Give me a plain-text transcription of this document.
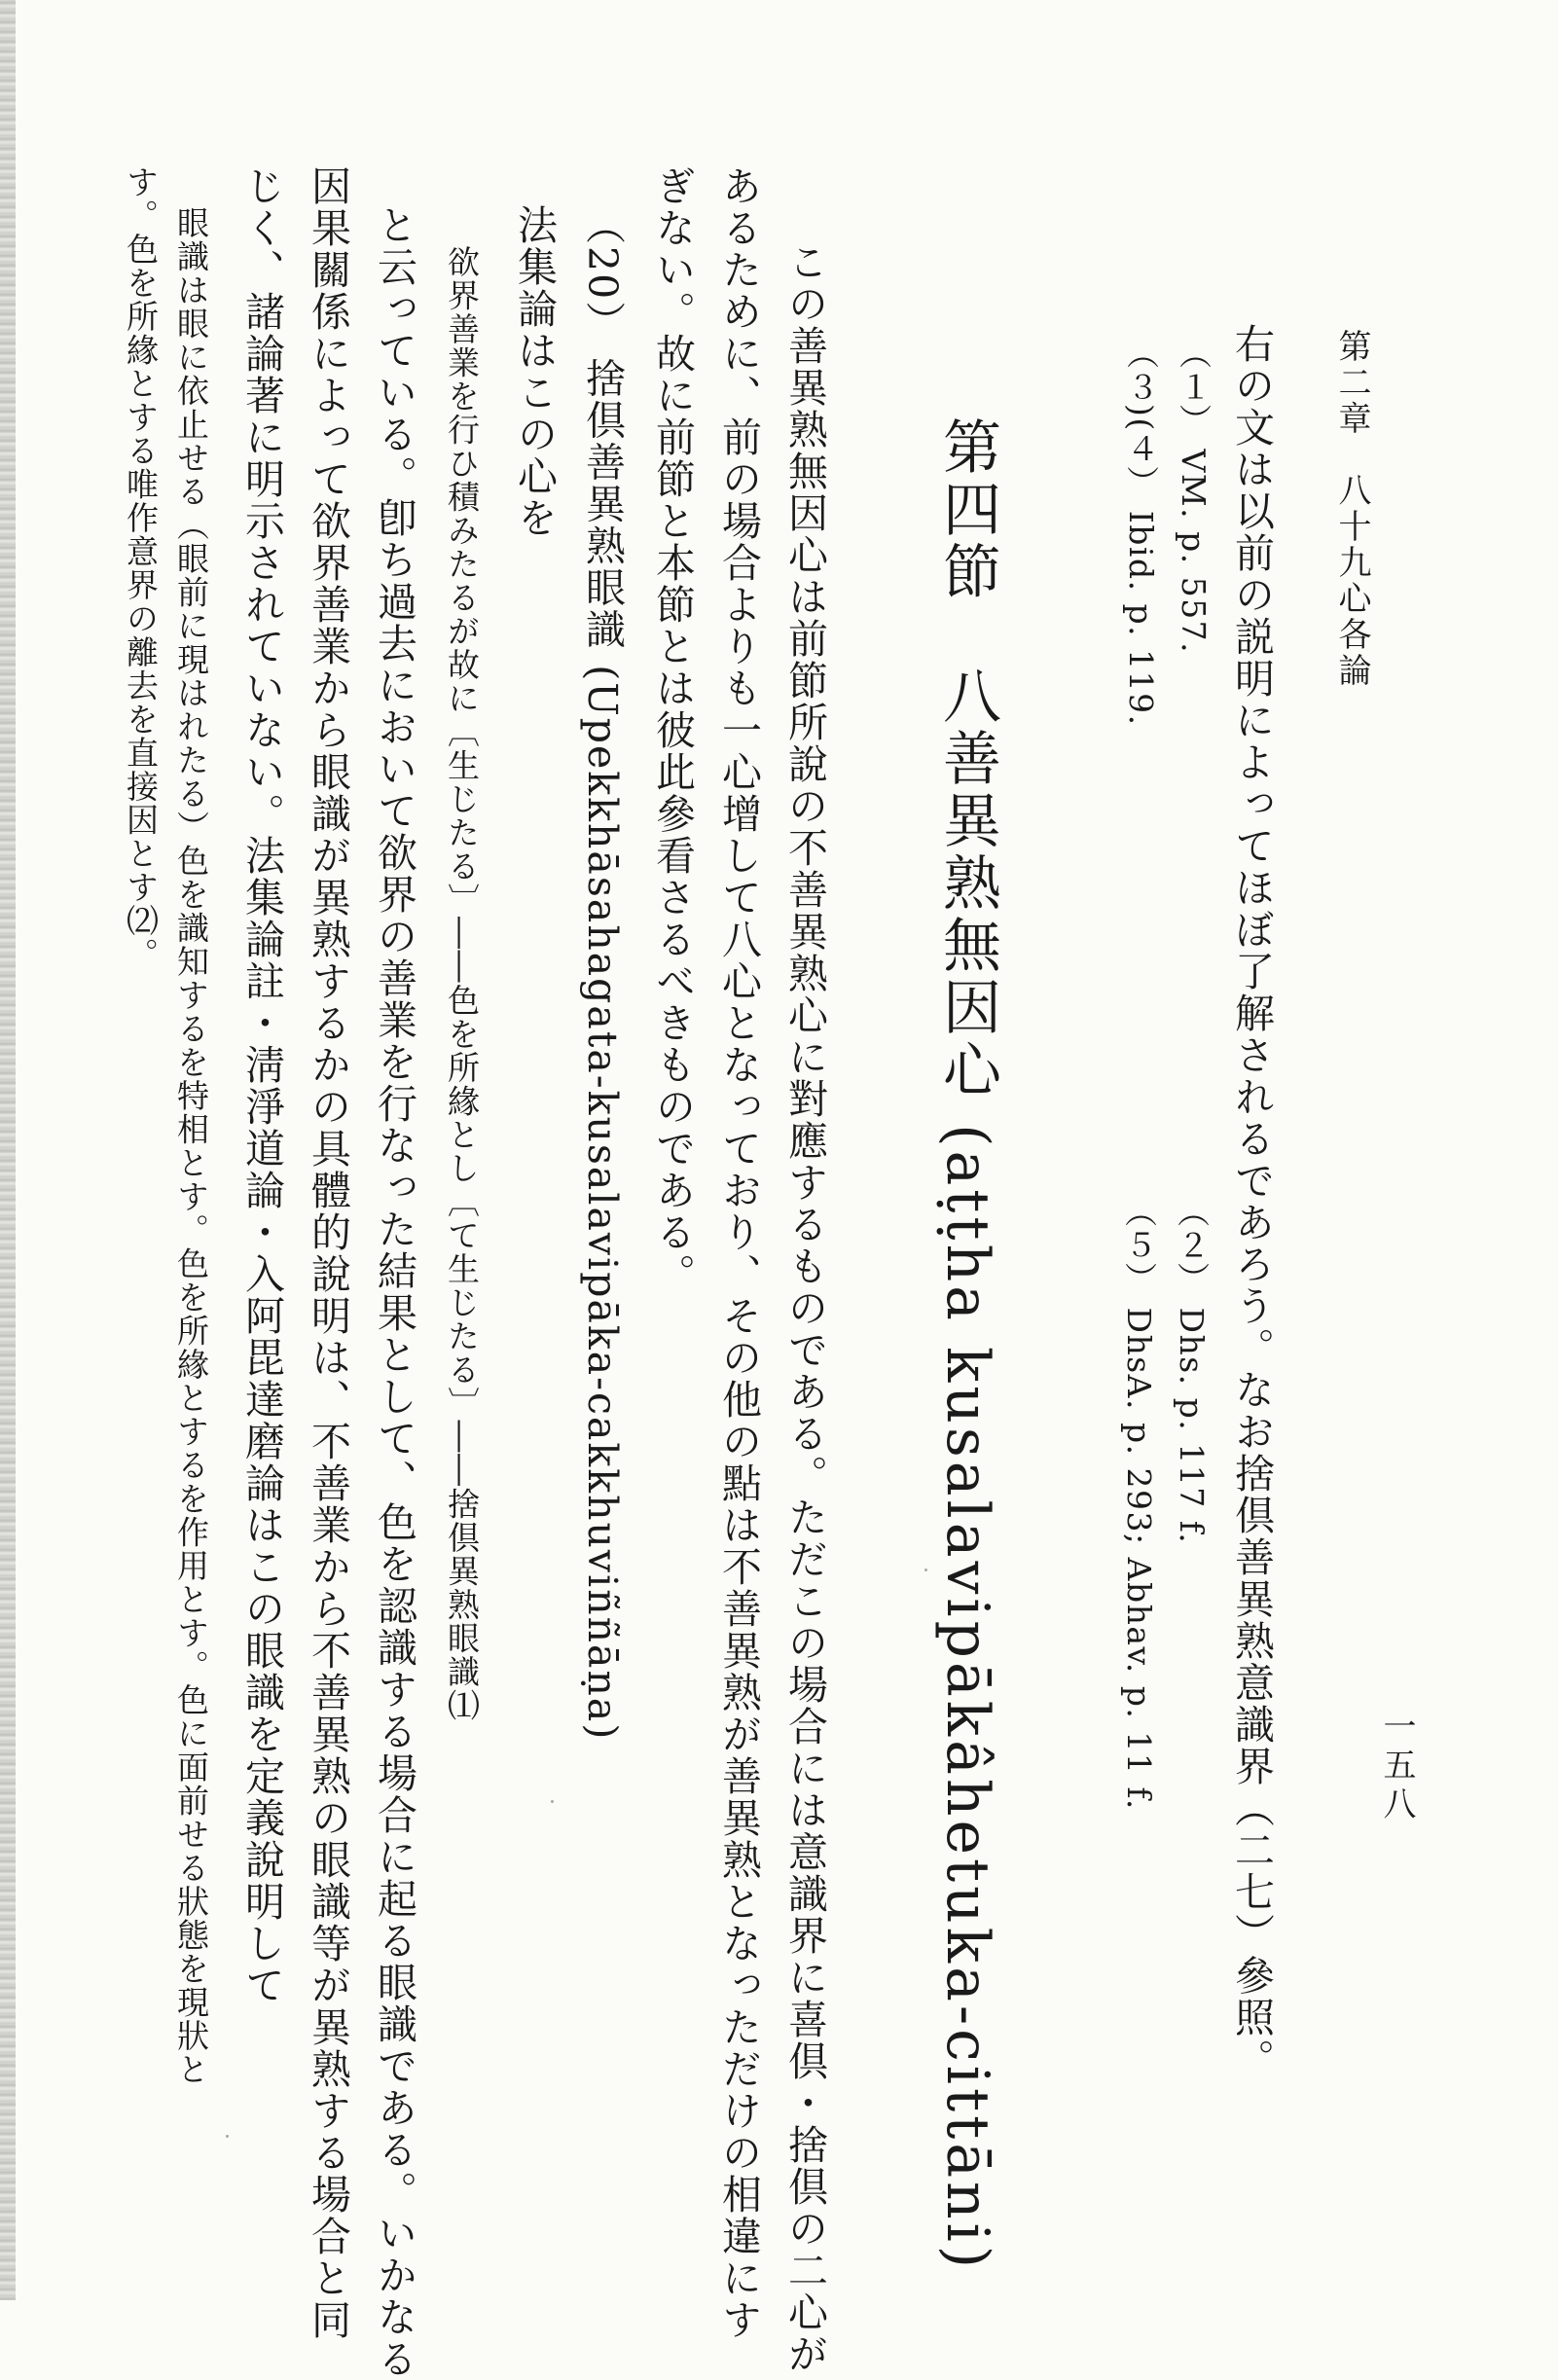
第二章　八十九心各論
一五八
右の文は以前の説明によってほぼ了解されるであろう。なお捨倶善異熟意識界（二七）參照。
（１） VM. p. 557.
（３)(４） Ibid. p. 119.
（２） Dhs. p. 117 f.
（５） DhsA. p. 293; Abhav. p. 11 f.
第四節　八善異熟無因心 (aṭṭha kusalavipākâhetuka-cittāni)
この善異熟無因心は前節所說の不善異熟心に對應するものである。ただこの場合には意識界に喜倶・捨倶の二心が
あるために、前の場合よりも一心增して八心となっており、その他の點は不善異熟が善異熟となっただけの相違にす
ぎない。故に前節と本節とは彼此參看さるべきものである。
（20） 捨倶善異熟眼識 (Upekkhāsahagata-kusalavipāka-cakkhuviññāṇa)
法集論はこの心を
欲界善業を行ひ積みたるが故に〔生じたる〕――色を所緣とし〔て生じたる〕――捨倶異熟眼識⑴
と云っている。卽ち過去において欲界の善業を行なった結果として、色を認識する場合に起る眼識である。いかなる
因果關係によって欲界善業から眼識が異熟するかの具體的說明は、不善業から不善異熟の眼識等が異熟する場合と同
じく、諸論著に明示されていない。法集論註・淸淨道論・入阿毘達磨論はこの眼識を定義說明して
眼識は眼に依止せる（眼前に現はれたる）色を識知するを特相とす。色を所緣とするを作用とす。色に面前せる狀態を現狀と
す。色を所緣とする唯作意界の離去を直接因とす⑵。
